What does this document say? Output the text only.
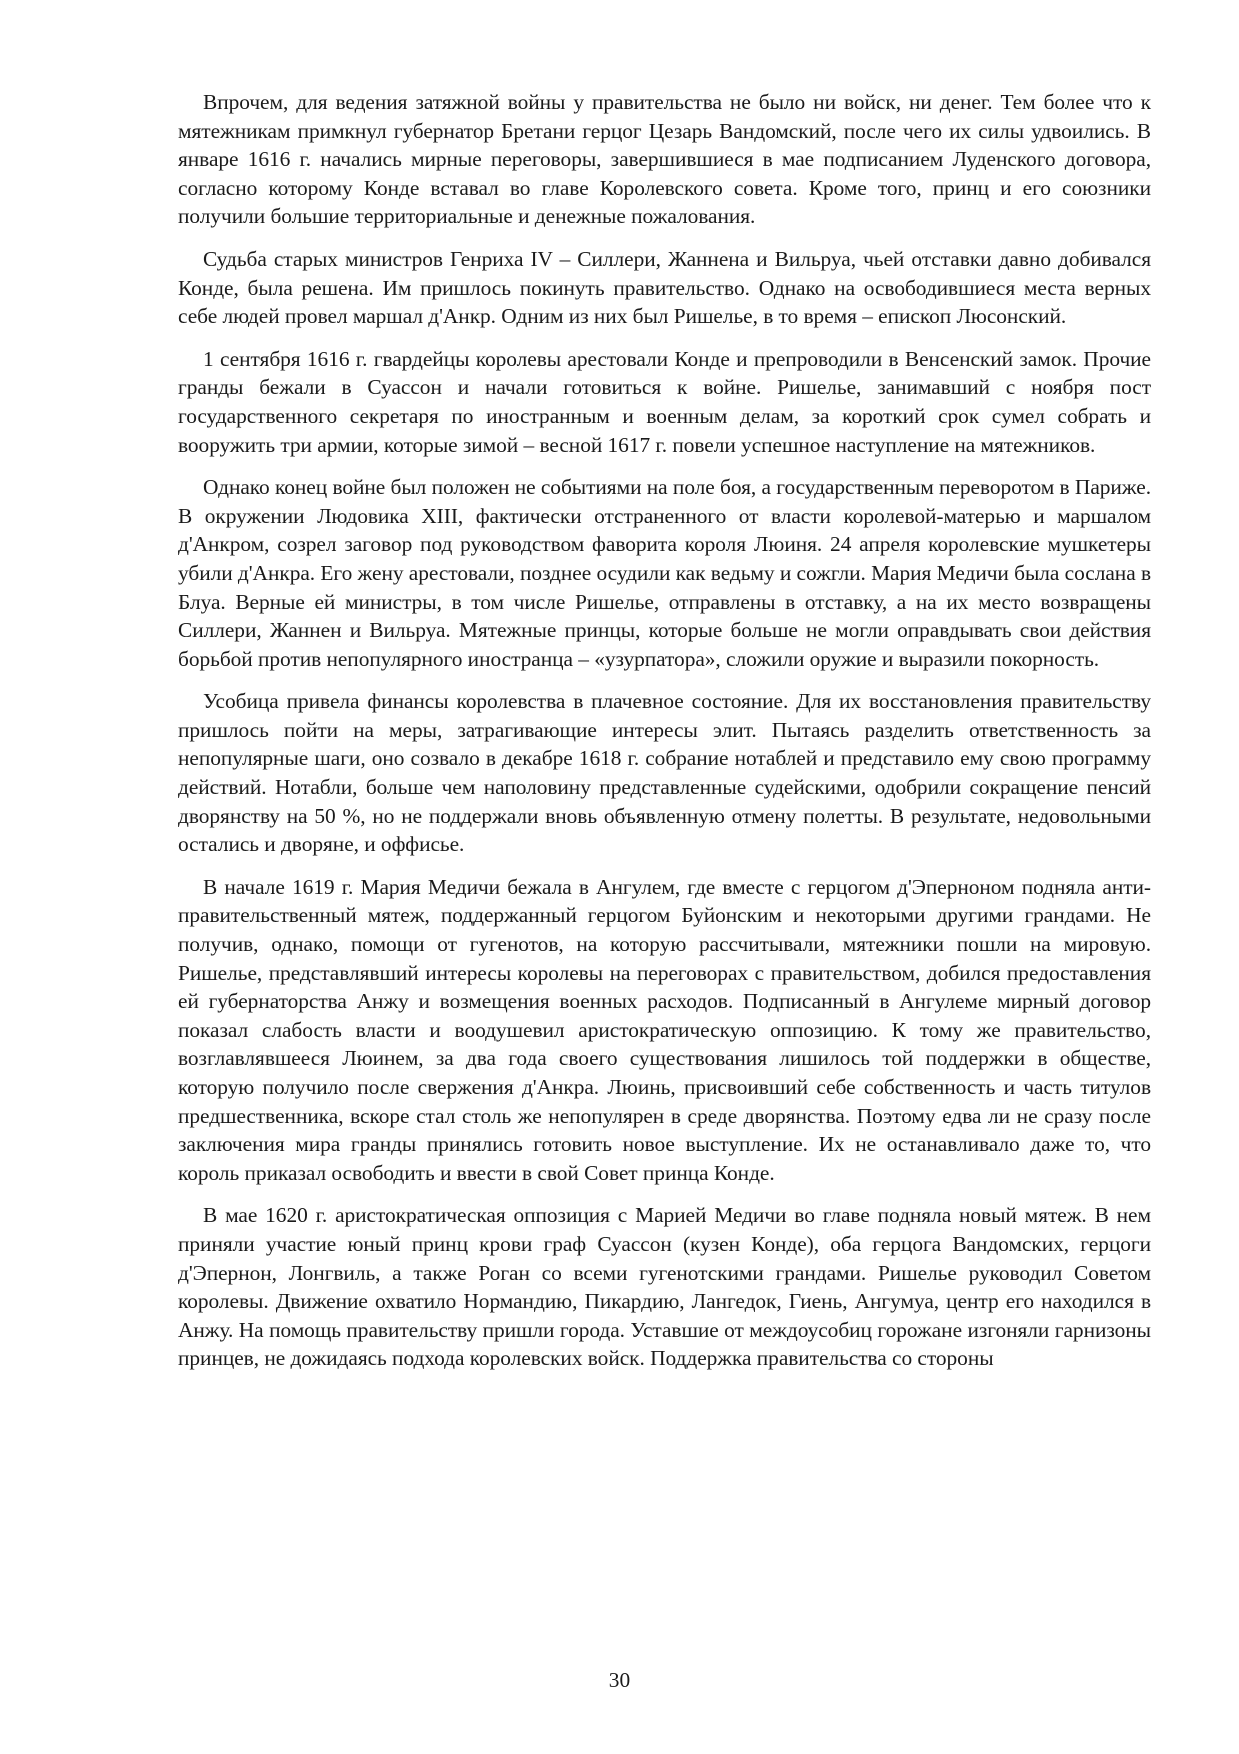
Впрочем, для ведения затяжной войны у правительства не было ни войск, ни денег. Тем более что к мятежникам примкнул губернатор Бретани герцог Цезарь Вандомский, после чего их силы удвоились. В январе 1616 г. начались мирные переговоры, завершившиеся в мае подписанием Луденского договора, согласно которому Конде вставал во главе Королевского совета. Кроме того, принц и его союзники получили большие территориальные и денежные пожалования.

Судьба старых министров Генриха IV – Силлери, Жаннена и Вильруа, чьей отставки давно добивался Конде, была решена. Им пришлось покинуть правительство. Однако на освободившиеся места верных себе людей провел маршал д'Анкр. Одним из них был Ришелье, в то время – епископ Люсонский.

1 сентября 1616 г. гвардейцы королевы арестовали Конде и препроводили в Венсенский замок. Прочие гранды бежали в Суассон и начали готовиться к войне. Ришелье, занимавший с ноября пост государственного секретаря по иностранным и военным делам, за короткий срок сумел собрать и вооружить три армии, которые зимой – весной 1617 г. повели успешное наступление на мятежников.

Однако конец войне был положен не событиями на поле боя, а государственным переворотом в Париже. В окружении Людовика XIII, фактически отстраненного от власти королевой-матерью и маршалом д'Анкром, созрел заговор под руководством фаворита короля Люиня. 24 апреля королевские мушкетеры убили д'Анкра. Его жену арестовали, позднее осудили как ведьму и сожгли. Мария Медичи была сослана в Блуа. Верные ей министры, в том числе Ришелье, отправлены в отставку, а на их место возвращены Силлери, Жаннен и Вильруа. Мятежные принцы, которые больше не могли оправдывать свои действия борьбой против непопулярного иностранца – «узурпатора», сложили оружие и выразили покорность.

Усобица привела финансы королевства в плачевное состояние. Для их восстановления правительству пришлось пойти на меры, затрагивающие интересы элит. Пытаясь разделить ответственность за непопулярные шаги, оно созвало в декабре 1618 г. собрание нотаблей и представило ему свою программу действий. Нотабли, больше чем наполовину представленные судейскими, одобрили сокращение пенсий дворянству на 50 %, но не поддержали вновь объявленную отмену полетты. В результате, недовольными остались и дворяне, и оффисье.

В начале 1619 г. Мария Медичи бежала в Ангулем, где вместе с герцогом д'Эперноном подняла анти-правительственный мятеж, поддержанный герцогом Буйонским и некоторыми другими грандами. Не получив, однако, помощи от гугенотов, на которую рассчитывали, мятежники пошли на мировую. Ришелье, представлявший интересы королевы на переговорах с правительством, добился предоставления ей губернаторства Анжу и возмещения военных расходов. Подписанный в Ангулеме мирный договор показал слабость власти и воодушевил аристократическую оппозицию. К тому же правительство, возглавлявшееся Люинем, за два года своего существования лишилось той поддержки в обществе, которую получило после свержения д'Анкра. Люинь, присвоивший себе собственность и часть титулов предшественника, вскоре стал столь же непопулярен в среде дворянства. Поэтому едва ли не сразу после заключения мира гранды принялись готовить новое выступление. Их не останавливало даже то, что король приказал освободить и ввести в свой Совет принца Конде.

В мае 1620 г. аристократическая оппозиция с Марией Медичи во главе подняла новый мятеж. В нем приняли участие юный принц крови граф Суассон (кузен Конде), оба герцога Вандомских, герцоги д'Эпернон, Лонгвиль, а также Роган со всеми гугенотскими грандами. Ришелье руководил Советом королевы. Движение охватило Нормандию, Пикардию, Лангедок, Гиень, Ангумуа, центр его находился в Анжу. На помощь правительству пришли города. Уставшие от междоусобиц горожане изгоняли гарнизоны принцев, не дожидаясь подхода королевских войск. Поддержка правительства со стороны

30
